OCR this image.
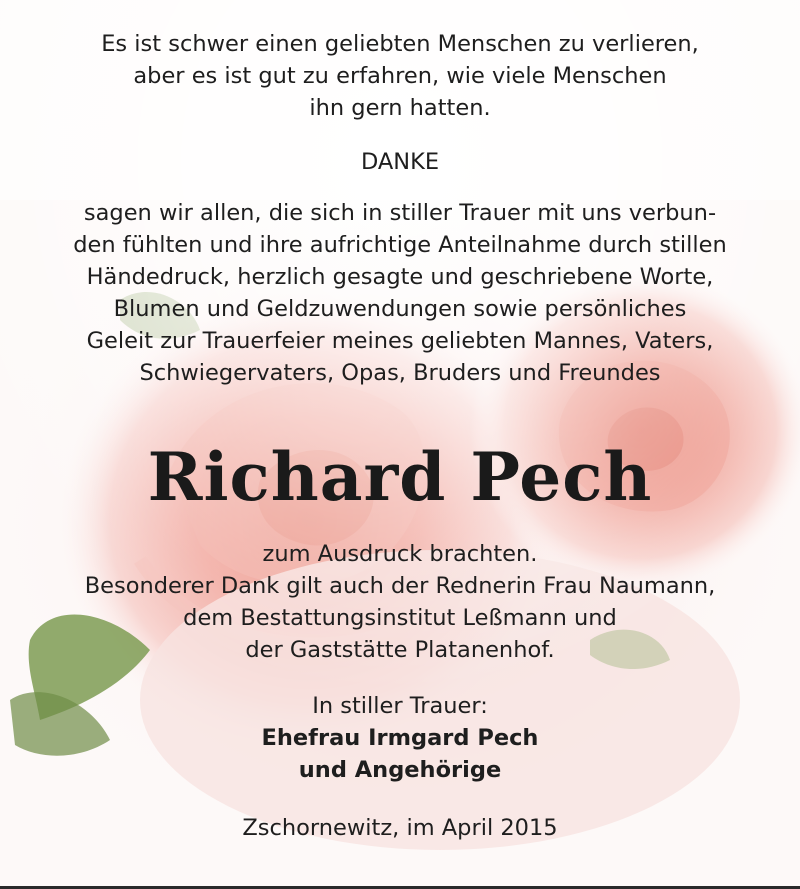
Es ist schwer einen geliebten Menschen zu verlieren,
aber es ist gut zu erfahren, wie viele Menschen
ihn gern hatten.

DANKE

sagen wir allen, die sich in stiller Trauer mit uns verbun-
den fühlten und ihre aufrichtige Anteilnahme durch stillen
Händedruck, herzlich gesagte und geschriebene Worte,
Blumen und Geldzuwendungen sowie persönliches
Geleit zur Trauerfeier meines geliebten Mannes, Vaters,
Schwiegervaters, Opas, Bruders und Freundes

Richard Pech

zum Ausdruck brachten.
Besonderer Dank gilt auch der Rednerin Frau Naumann,
dem Bestattungsinstitut Leßmann und
der Gaststätte Platanenhof.

In stiller Trauer:
Ehefrau Irmgard Pech
und Angehörige

Zschornewitz, im April 2015
